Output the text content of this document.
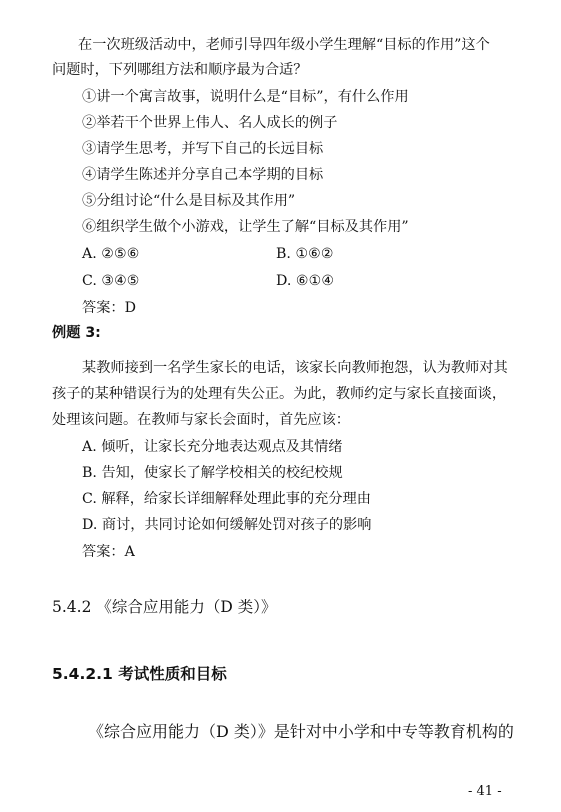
在一次班级活动中，老师引导四年级小学生理解“目标的作用”这个
问题时，下列哪组方法和顺序最为合适？
①讲一个寓言故事，说明什么是“目标”，有什么作用
②举若干个世界上伟人、名人成长的例子
③请学生思考，并写下自己的长远目标
④请学生陈述并分享自己本学期的目标
⑤分组讨论“什么是目标及其作用”
⑥组织学生做个小游戏，让学生了解“目标及其作用”
A. ②⑤⑥	B. ①⑥②
C. ③④⑤	D. ⑥①④
答案：D
例题 3:
某教师接到一名学生家长的电话，该家长向教师抱怨，认为教师对其
孩子的某种错误行为的处理有失公正。为此，教师约定与家长直接面谈，
处理该问题。在教师与家长会面时，首先应该：
A. 倾听，让家长充分地表达观点及其情绪
B. 告知，使家长了解学校相关的校纪校规
C. 解释，给家长详细解释处理此事的充分理由
D. 商讨，共同讨论如何缓解处罚对孩子的影响
答案：A
5.4.2 《综合应用能力（D 类）》
5.4.2.1 考试性质和目标
《综合应用能力（D 类）》是针对中小学和中专等教育机构的
- 41 -
